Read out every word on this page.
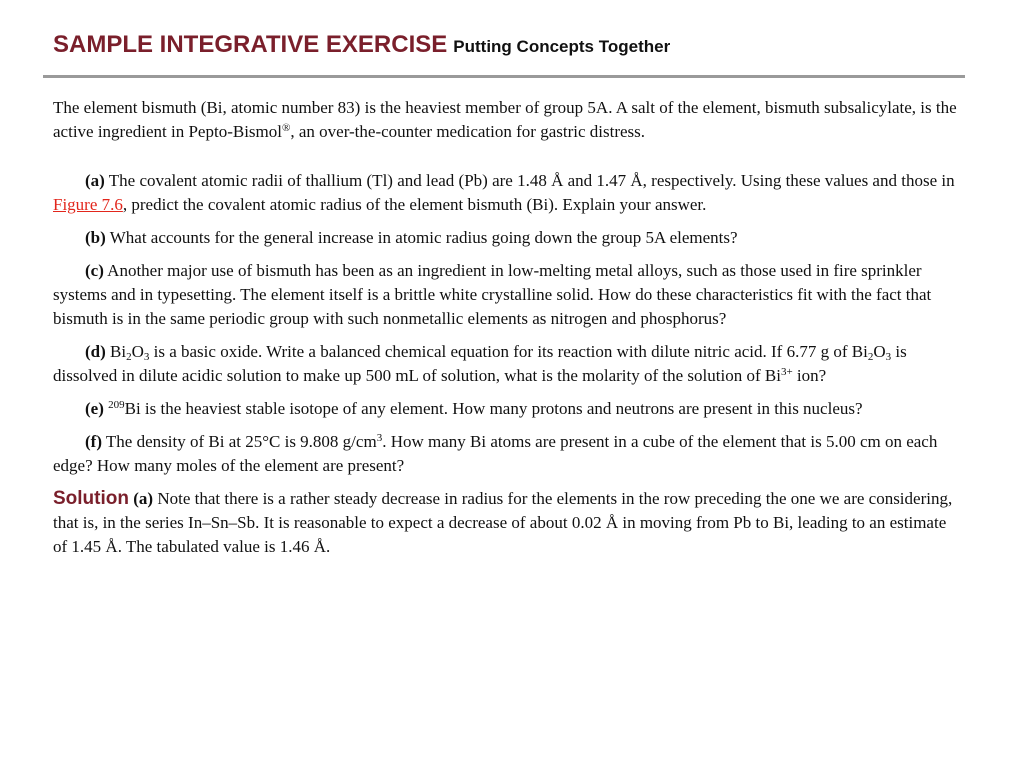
SAMPLE INTEGRATIVE EXERCISE Putting Concepts Together

The element bismuth (Bi, atomic number 83) is the heaviest member of group 5A. A salt of the element, bismuth subsalicylate, is the active ingredient in Pepto-Bismol®, an over-the-counter medication for gastric distress.

(a) The covalent atomic radii of thallium (Tl) and lead (Pb) are 1.48 Å and 1.47 Å, respectively. Using these values and those in Figure 7.6, predict the covalent atomic radius of the element bismuth (Bi). Explain your answer.

(b) What accounts for the general increase in atomic radius going down the group 5A elements?

(c) Another major use of bismuth has been as an ingredient in low-melting metal alloys, such as those used in fire sprinkler systems and in typesetting. The element itself is a brittle white crystalline solid. How do these characteristics fit with the fact that bismuth is in the same periodic group with such nonmetallic elements as nitrogen and phosphorus?

(d) $Bi_2O_3$ is a basic oxide. Write a balanced chemical equation for its reaction with dilute nitric acid. If 6.77 g of $Bi_2O_3$ is dissolved in dilute acidic solution to make up 500 mL of solution, what is the molarity of the solution of $Bi^{3+}$ ion?

(e) $^{209}$Bi is the heaviest stable isotope of any element. How many protons and neutrons are present in this nucleus?

(f) The density of Bi at 25°C is 9.808 $g/cm^3$. How many Bi atoms are present in a cube of the element that is 5.00 cm on each edge? How many moles of the element are present?

Solution (a) Note that there is a rather steady decrease in radius for the elements in the row preceding the one we are considering, that is, in the series In–Sn–Sb. It is reasonable to expect a decrease of about 0.02 Å in moving from Pb to Bi, leading to an estimate of 1.45 Å. The tabulated value is 1.46 Å.
